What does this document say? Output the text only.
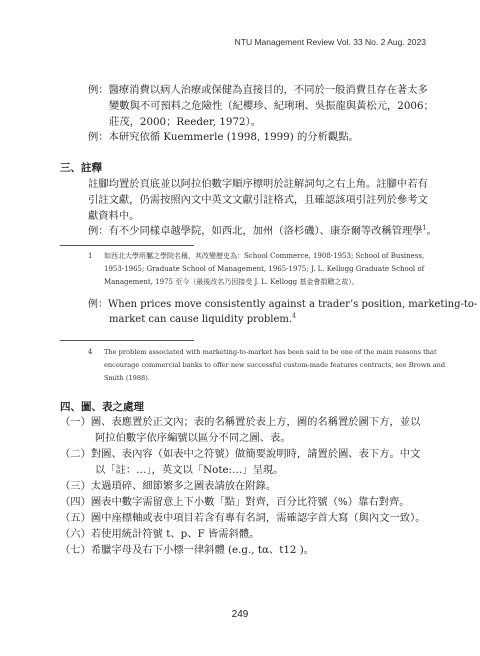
NTU Management Review Vol. 33 No. 2 Aug. 2023
例：醫療消費以病人治療或保健為直接目的，不同於一般消費且存在著太多
變數與不可預料之危險性（紀櫻珍、紀琍琍、吳振龍與黃松元，2006；
莊茂，2000；Reeder, 1972）。
例：本研究依循 Kuemmerle (1998, 1999) 的分析觀點。
三、註釋
註腳均置於頁底並以阿拉伯數字順序標明於註解詞句之右上角。註腳中若有
引註文獻，仍需按照內文中英文文獻引註格式，且確認該項引註列於參考文
獻資料中。
例：有不少同樣卓越學院，如西北，加州（洛杉磯）、康奈爾等改稱管理學$^1$。
1 如西北大學所屬之學院名稱，其改變歷史為：School Commerce, 1908-1953; School of Business,
1953-1965; Graduate School of Management, 1965-1975; J. L. Kellogg Graduate School of
Management, 1975 至今（最後改名乃因接受 J. L. Kellogg 基金會捐贈之故）。
例：When prices move consistently against a trader’s position, marketing-to-
market can cause liquidity problem.$^4$
4 The problem associated with marketing-to-market has been said to be one of the main reasons that
encourage commercial banks to offer new successful custom-made features contracts, see Brown and
Smith (1988).
四、圖、表之處理
（一）圖、表應置於正文內；表的名稱置於表上方，圖的名稱置於圖下方，並以
阿拉伯數字依序編號以區分不同之圖、表。
（二）對圖、表內容（如表中之符號）做簡要說明時，請置於圖、表下方。中文
以「註：…」，英文以「Note:…」呈現。
（三）太過瑣碎、細節繁多之圖表請放在附錄。
（四）圖表中數字需留意上下小數「點」對齊，百分比符號（%）靠右對齊。
（五）圖中座標軸或表中項目若含有專有名詞，需確認字首大寫（與內文一致）。
（六）若使用統計符號 t、p、F 皆需斜體。
（七）希臘字母及右下小標一律斜體 (e.g., tα、t12 )。
249
